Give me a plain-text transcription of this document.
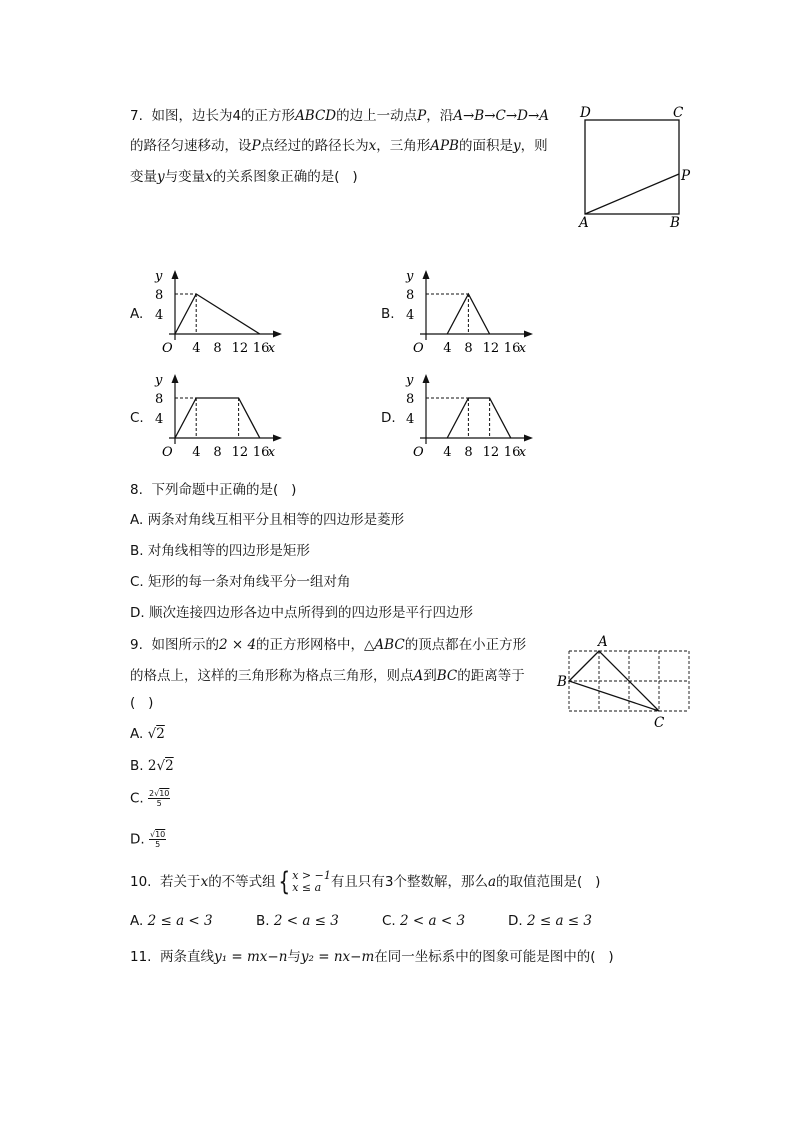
7.  如图，边长为4的正方形ABCD的边上一动点P，沿A→B→C→D→A
的路径匀速移动，设P点经过的路径长为x，三角形APB的面积是y，则
变量y与变量x的关系图象正确的是(   )
D	C
P
A	B
A.
y
8
4
O 4 8 12 16
x
B.
y
8
4
O 4 8 12 16
x
C.
y
8
4
O 4 8 12 16
x
D.
y
8
4
O 4 8 12 16
x
8.  下列命题中正确的是(   )
A. 两条对角线互相平分且相等的四边形是菱形
B. 对角线相等的四边形是矩形
C. 矩形的每一条对角线平分一组对角
D. 顺次连接四边形各边中点所得到的四边形是平行四边形
9.  如图所示的2 × 4的正方形网格中，△ABC的顶点都在小正方形
的格点上，这样的三角形称为格点三角形，则点A到BC的距离等于
(   )
A
B
C
A. √2
B. 2√2
C. $\frac{2√10}{5}$
D. $\frac{√10}{5}$
10.  若关于x的不等式组{ x > −1
x ≤ a 有且只有3个整数解，那么a的取值范围是(   )
A. 2 ≤ a < 3	B. 2 < a ≤ 3	C. 2 < a < 3	D. 2 ≤ a ≤ 3
11.  两条直线y₁ = mx−n与y₂ = nx−m在同一坐标系中的图象可能是图中的(   )
